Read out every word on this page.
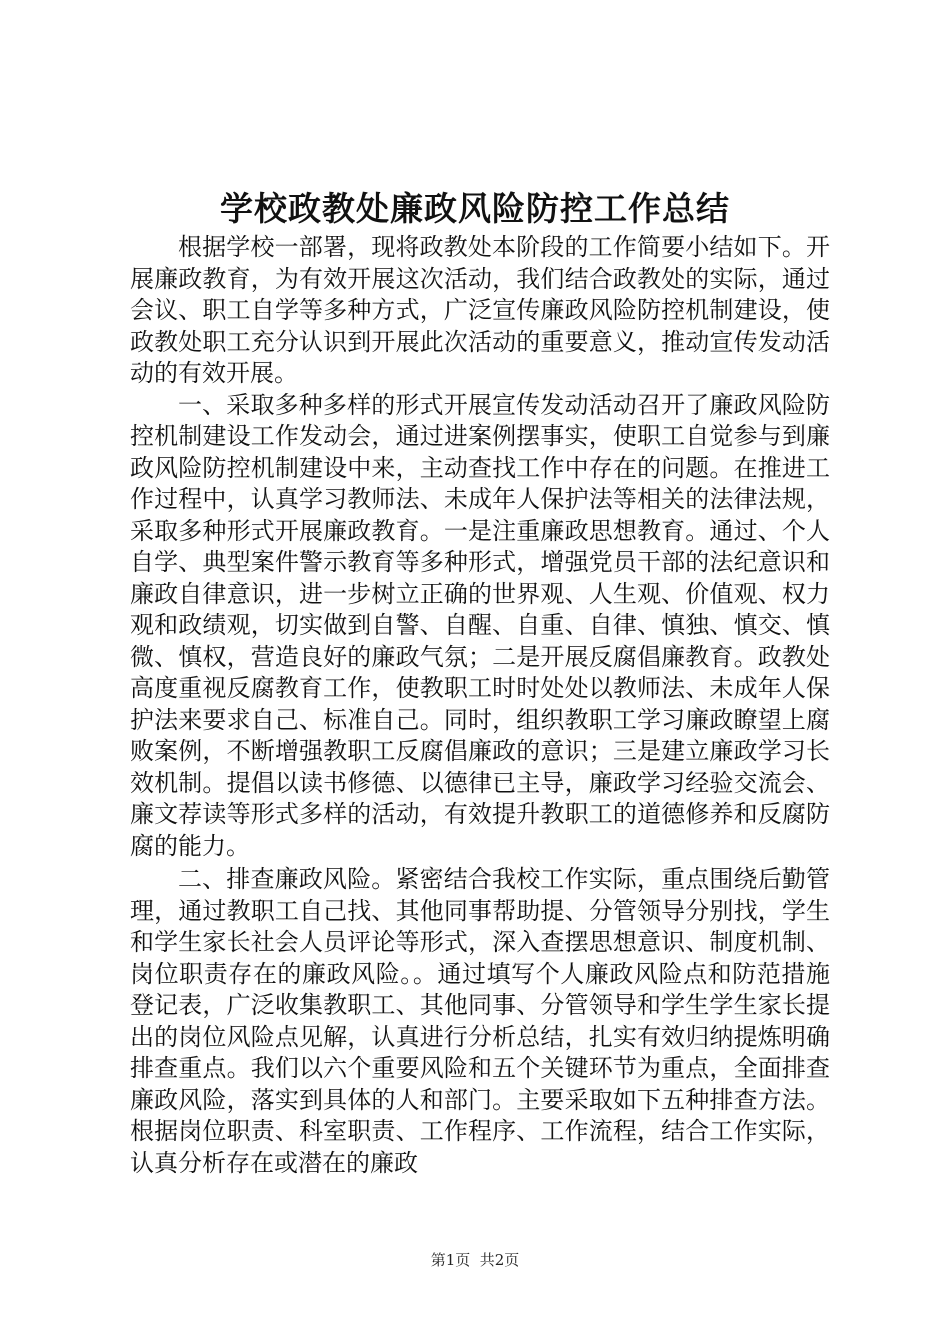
学校政教处廉政风险防控工作总结

根据学校一部署，现将政教处本阶段的工作简要小结如下。开展廉政教育，为有效开展这次活动，我们结合政教处的实际，通过会议、职工自学等多种方式，广泛宣传廉政风险防控机制建设，使政教处职工充分认识到开展此次活动的重要意义，推动宣传发动活动的有效开展。

一、采取多种多样的形式开展宣传发动活动召开了廉政风险防控机制建设工作发动会，通过进案例摆事实，使职工自觉参与到廉政风险防控机制建设中来，主动查找工作中存在的问题。在推进工作过程中，认真学习教师法、未成年人保护法等相关的法律法规，采取多种形式开展廉政教育。一是注重廉政思想教育。通过、个人自学、典型案件警示教育等多种形式，增强党员干部的法纪意识和廉政自律意识，进一步树立正确的世界观、人生观、价值观、权力观和政绩观，切实做到自警、自醒、自重、自律、慎独、慎交、慎微、慎权，营造良好的廉政气氛；二是开展反腐倡廉教育。政教处高度重视反腐教育工作，使教职工时时处处以教师法、未成年人保护法来要求自己、标准自己。同时，组织教职工学习廉政瞭望上腐败案例，不断增强教职工反腐倡廉政的意识；三是建立廉政学习长效机制。提倡以读书修德、以德律已主导，廉政学习经验交流会、廉文荐读等形式多样的活动，有效提升教职工的道德修养和反腐防腐的能力。

二、排查廉政风险。紧密结合我校工作实际，重点围绕后勤管理，通过教职工自己找、其他同事帮助提、分管领导分别找，学生和学生家长社会人员评论等形式，深入查摆思想意识、制度机制、岗位职责存在的廉政风险。。通过填写个人廉政风险点和防范措施登记表，广泛收集教职工、其他同事、分管领导和学生学生家长提出的岗位风险点见解，认真进行分析总结，扎实有效归纳提炼明确排查重点。我们以六个重要风险和五个关键环节为重点，全面排查廉政风险，落实到具体的人和部门。主要采取如下五种排查方法。根据岗位职责、科室职责、工作程序、工作流程，结合工作实际，认真分析存在或潜在的廉政

第1页  共2页
